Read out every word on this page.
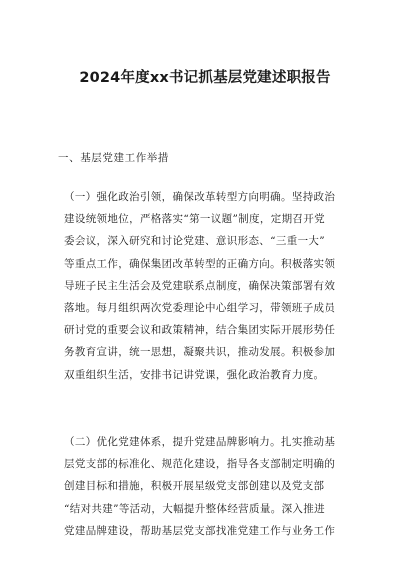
2024年度xx书记抓基层党建述职报告
一、基层党建工作举措
（一）强化政治引领，确保改革转型方向明确。坚持政治
建设统领地位，严格落实“第一议题”制度，定期召开党
委会议，深入研究和讨论党建、意识形态、“三重一大”
等重点工作，确保集团改革转型的正确方向。积极落实领
导班子民主生活会及党建联系点制度，确保决策部署有效
落地。每月组织两次党委理论中心组学习，带领班子成员
研讨党的重要会议和政策精神，结合集团实际开展形势任
务教育宣讲，统一思想，凝聚共识，推动发展。积极参加
双重组织生活，安排书记讲党课，强化政治教育力度。
（二）优化党建体系，提升党建品牌影响力。扎实推动基
层党支部的标准化、规范化建设，指导各支部制定明确的
创建目标和措施，积极开展星级党支部创建以及党支部
“结对共建”等活动，大幅提升整体经营质量。深入推进
党建品牌建设，帮助基层党支部找准党建工作与业务工作
